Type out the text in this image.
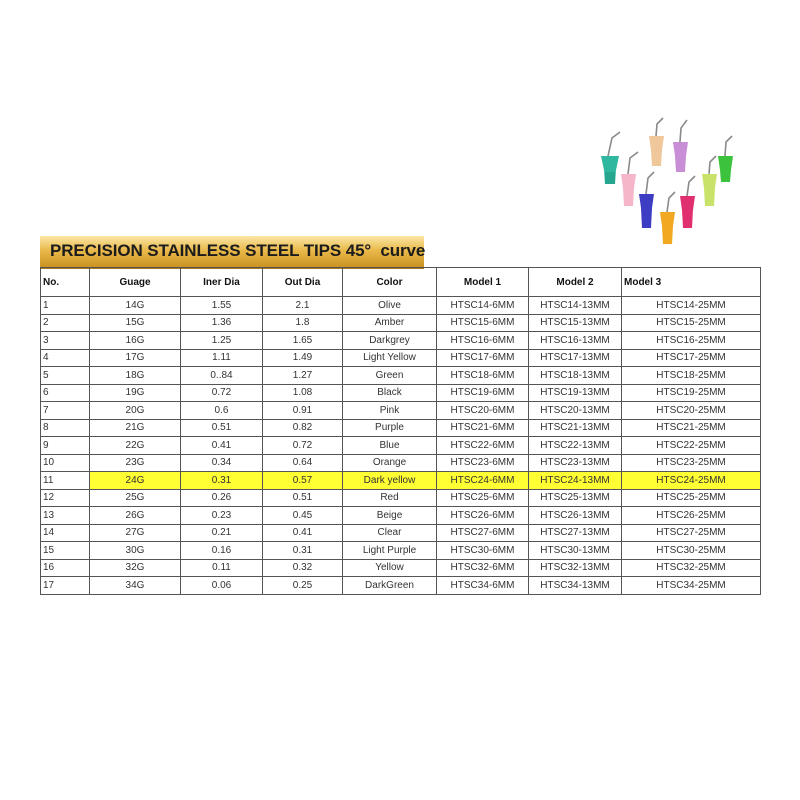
PRECISION STAINLESS STEEL TIPS 45°  curve
No.	Guage	Iner Dia	Out Dia	Color	Model 1	Model 2	Model 3
1	14G	1.55	2.1	Olive	HTSC14-6MM	HTSC14-13MM	HTSC14-25MM
2	15G	1.36	1.8	Amber	HTSC15-6MM	HTSC15-13MM	HTSC15-25MM
3	16G	1.25	1.65	Darkgrey	HTSC16-6MM	HTSC16-13MM	HTSC16-25MM
4	17G	1.11	1.49	Light Yellow	HTSC17-6MM	HTSC17-13MM	HTSC17-25MM
5	18G	0..84	1.27	Green	HTSC18-6MM	HTSC18-13MM	HTSC18-25MM
6	19G	0.72	1.08	Black	HTSC19-6MM	HTSC19-13MM	HTSC19-25MM
7	20G	0.6	0.91	Pink	HTSC20-6MM	HTSC20-13MM	HTSC20-25MM
8	21G	0.51	0.82	Purple	HTSC21-6MM	HTSC21-13MM	HTSC21-25MM
9	22G	0.41	0.72	Blue	HTSC22-6MM	HTSC22-13MM	HTSC22-25MM
10	23G	0.34	0.64	Orange	HTSC23-6MM	HTSC23-13MM	HTSC23-25MM
11	24G	0.31	0.57	Dark yellow	HTSC24-6MM	HTSC24-13MM	HTSC24-25MM
12	25G	0.26	0.51	Red	HTSC25-6MM	HTSC25-13MM	HTSC25-25MM
13	26G	0.23	0.45	Beige	HTSC26-6MM	HTSC26-13MM	HTSC26-25MM
14	27G	0.21	0.41	Clear	HTSC27-6MM	HTSC27-13MM	HTSC27-25MM
15	30G	0.16	0.31	Light Purple	HTSC30-6MM	HTSC30-13MM	HTSC30-25MM
16	32G	0.11	0.32	Yellow	HTSC32-6MM	HTSC32-13MM	HTSC32-25MM
17	34G	0.06	0.25	DarkGreen	HTSC34-6MM	HTSC34-13MM	HTSC34-25MM
